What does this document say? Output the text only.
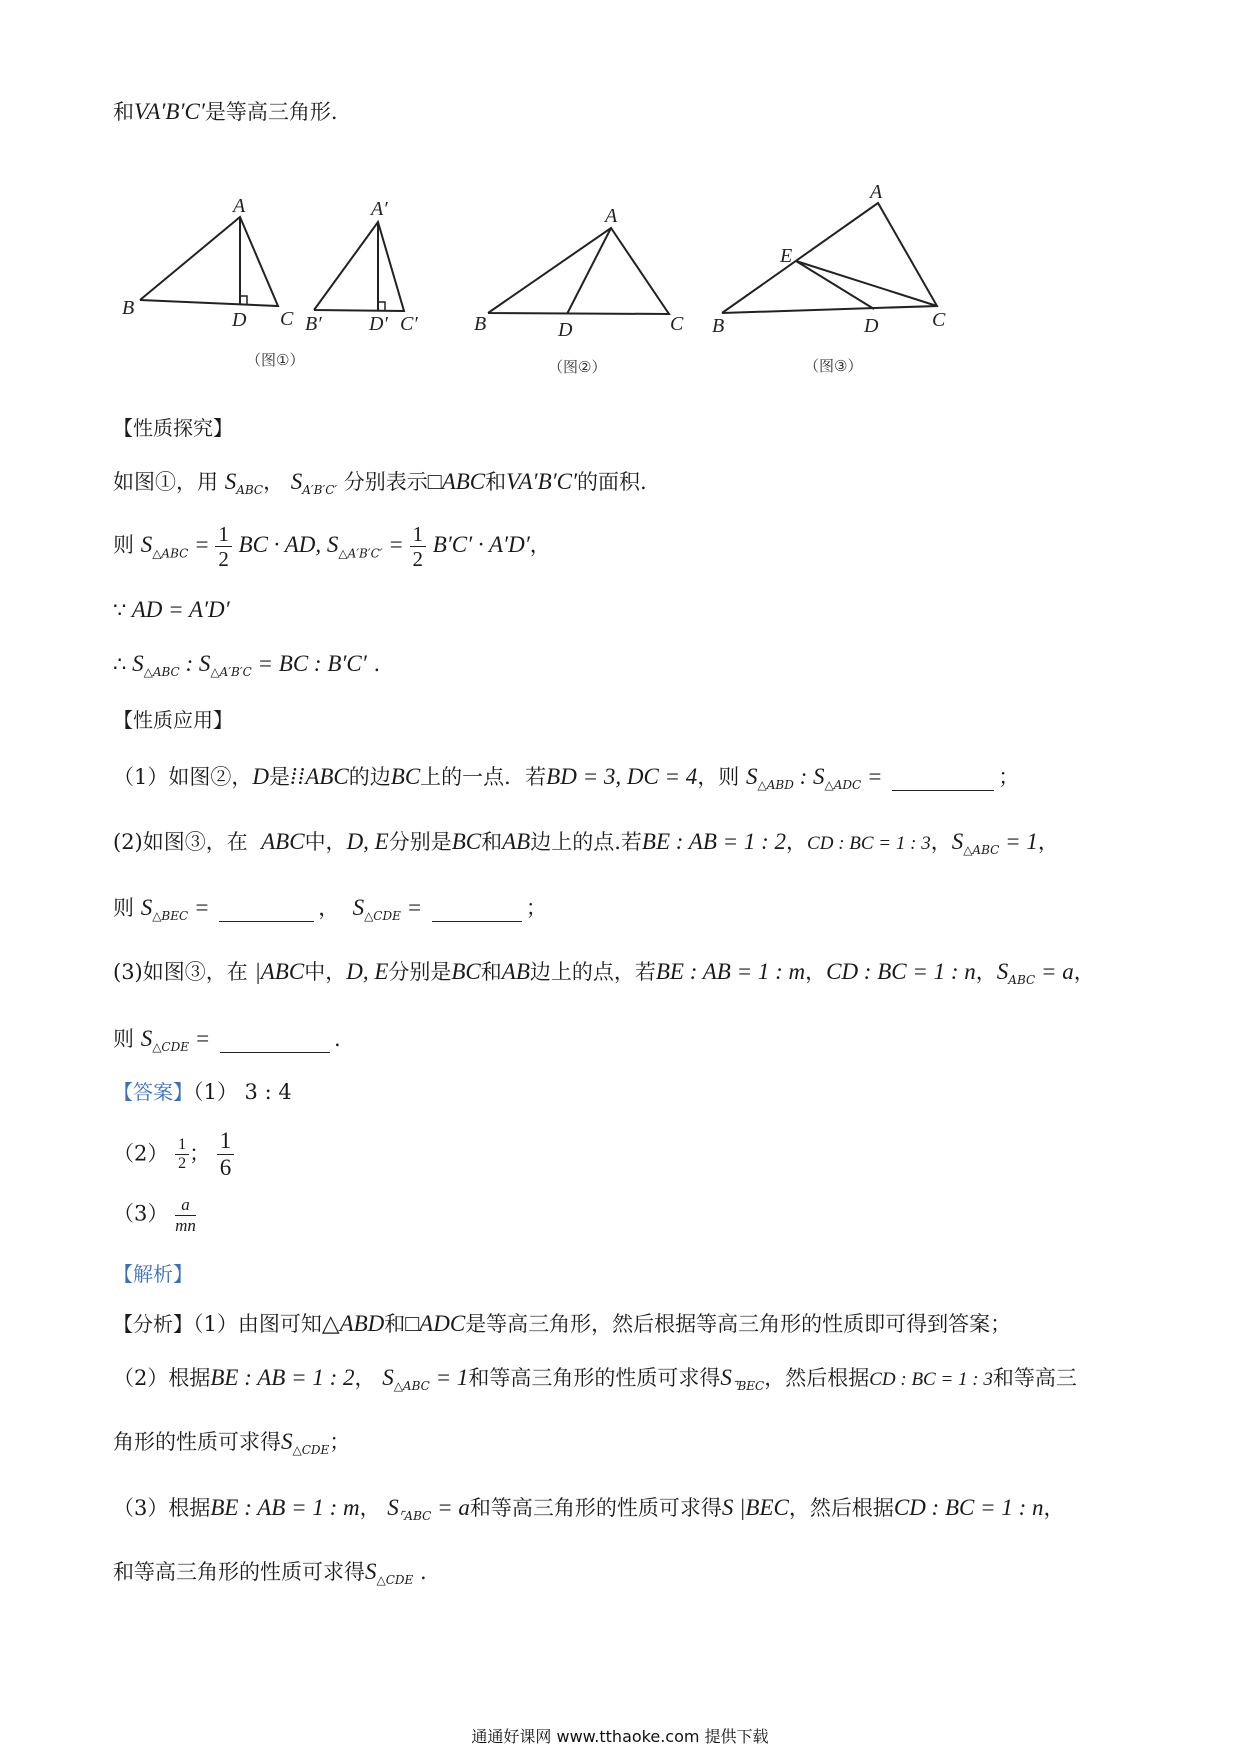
和VA′B′C′是等高三角形.
A
B
D C
A′
B′ D′ C′
A
B	D	C
A
E
B	D	C
（图①）	（图②）	（图③）
【性质探究】
如图①，用 $S_{ABC}$， $S_{A'B'C'}$ 分别表示□ABC和VA′B′C′的面积.
则 $S_{\triangle ABC} = \frac{1}{2}$ BC · AD, $S_{\triangle A'B'C'} = \frac{1}{2} B'C' \cdot A'D'$，
∵ AD = A′D′
∴ $S_{\triangle ABC}$ : $S_{\triangle A'B'C}$ = BC : B′C′ .
【性质应用】
（1）如图②，D是⁞⁞ABC的边BC上的一点．若BD = 3, DC = 4，则 $S_{\triangle ABD}$ : $S_{\triangle ADC}$ =	；
(2)如图③，在 ABC中，D, E分别是BC和AB边上的点.若BE : AB = 1 : 2，CD : BC = 1 : 3，$S_{\triangle ABC} = 1$，
则 $S_{\triangle BEC}$ =	， $S_{\triangle CDE}$ =	；
(3)如图③，在 |ABC中，D, E分别是BC和AB边上的点，若BE : AB = 1 : m，CD : BC = 1 : n，$S_{ABC} = a$，
则 $S_{\triangle CDE}$ =	.
【答案】（1） 3 : 4
$(2) \frac{1}{2}$ ； $\frac{1}{6}$
$(3) \frac{a}{mn}$
【解析】
【分析】（1）由图可知△ABD和□ADC是等高三角形，然后根据等高三角形的性质即可得到答案；
（2）根据BE : AB = 1 : 2， $S_{\triangle ABC} = 1$和等高三角形的性质可求得$S_{⌝BEC}$，然后根据CD : BC = 1 : 3和等高三
角形的性质可求得$S_{\triangle CDE}$；
（3）根据BE : AB = 1 : m， $S_{⌜ABC} = a$和等高三角形的性质可求得S |BEC，然后根据CD : BC = 1 : n，
和等高三角形的性质可求得$S_{\triangle CDE}$ .
通通好课网 www.tthaoke.com 提供下载
